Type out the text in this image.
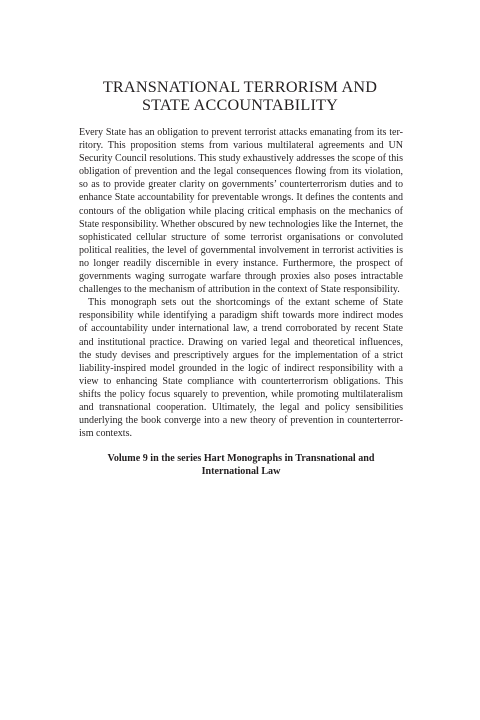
TRANSNATIONAL TERRORISM AND
STATE ACCOUNTABILITY
Every State has an obligation to prevent terrorist attacks emanating from its ter-
ritory. This proposition stems from various multilateral agreements and UN
Security Council resolutions. This study exhaustively addresses the scope of this
obligation of prevention and the legal consequences flowing from its violation,
so as to provide greater clarity on governments’ counterterrorism duties and to
enhance State accountability for preventable wrongs. It defines the contents and
contours of the obligation while placing critical emphasis on the mechanics of
State responsibility. Whether obscured by new technologies like the Internet, the
sophisticated cellular structure of some terrorist organisations or convoluted
political realities, the level of governmental involvement in terrorist activities is
no longer readily discernible in every instance. Furthermore, the prospect of
governments waging surrogate warfare through proxies also poses intractable
challenges to the mechanism of attribution in the context of State responsibility.
This monograph sets out the shortcomings of the extant scheme of State
responsibility while identifying a paradigm shift towards more indirect modes
of accountability under international law, a trend corroborated by recent State
and institutional practice. Drawing on varied legal and theoretical influences,
the study devises and prescriptively argues for the implementation of a strict
liability-inspired model grounded in the logic of indirect responsibility with a
view to enhancing State compliance with counterterrorism obligations. This
shifts the policy focus squarely to prevention, while promoting multilateralism
and transnational cooperation. Ultimately, the legal and policy sensibilities
underlying the book converge into a new theory of prevention in counterterror-
ism contexts.
Volume 9 in the series Hart Monographs in Transnational and
International Law
